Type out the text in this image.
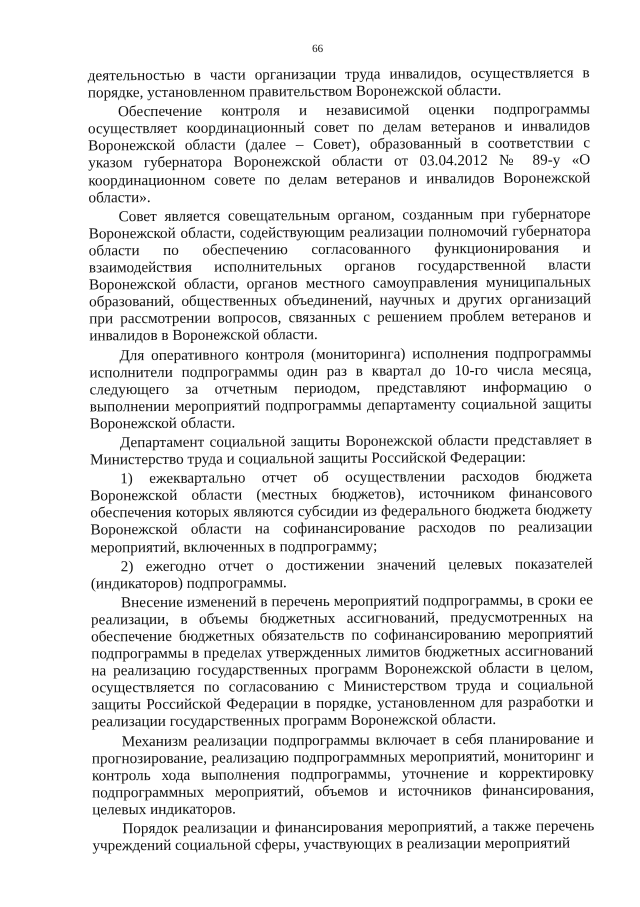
66

деятельностью в части организации труда инвалидов, осуществляется в порядке, установленном правительством Воронежской области.

Обеспечение контроля и независимой оценки подпрограммы осуществляет координационный совет по делам ветеранов и инвалидов Воронежской области (далее – Совет), образованный в соответствии с указом губернатора Воронежской области от 03.04.2012 № 89-у «О координационном совете по делам ветеранов и инвалидов Воронежской области».

Совет является совещательным органом, созданным при губернаторе Воронежской области, содействующим реализации полномочий губернатора области по обеспечению согласованного функционирования и взаимодействия исполнительных органов государственной власти Воронежской области, органов местного самоуправления муниципальных образований, общественных объединений, научных и других организаций при рассмотрении вопросов, связанных с решением проблем ветеранов и инвалидов в Воронежской области.

Для оперативного контроля (мониторинга) исполнения подпрограммы исполнители подпрограммы один раз в квартал до 10-го числа месяца, следующего за отчетным периодом, представляют информацию о выполнении мероприятий подпрограммы департаменту социальной защиты Воронежской области.

Департамент социальной защиты Воронежской области представляет в Министерство труда и социальной защиты Российской Федерации:

1) ежеквартально отчет об осуществлении расходов бюджета Воронежской области (местных бюджетов), источником финансового обеспечения которых являются субсидии из федерального бюджета бюджету Воронежской области на софинансирование расходов по реализации мероприятий, включенных в подпрограмму;

2) ежегодно отчет о достижении значений целевых показателей (индикаторов) подпрограммы.

Внесение изменений в перечень мероприятий подпрограммы, в сроки ее реализации, в объемы бюджетных ассигнований, предусмотренных на обеспечение бюджетных обязательств по софинансированию мероприятий подпрограммы в пределах утвержденных лимитов бюджетных ассигнований на реализацию государственных программ Воронежской области в целом, осуществляется по согласованию с Министерством труда и социальной защиты Российской Федерации в порядке, установленном для разработки и реализации государственных программ Воронежской области.

Механизм реализации подпрограммы включает в себя планирование и прогнозирование, реализацию подпрограммных мероприятий, мониторинг и контроль хода выполнения подпрограммы, уточнение и корректировку подпрограммных мероприятий, объемов и источников финансирования, целевых индикаторов.

Порядок реализации и финансирования мероприятий, а также перечень учреждений социальной сферы, участвующих в реализации мероприятий
